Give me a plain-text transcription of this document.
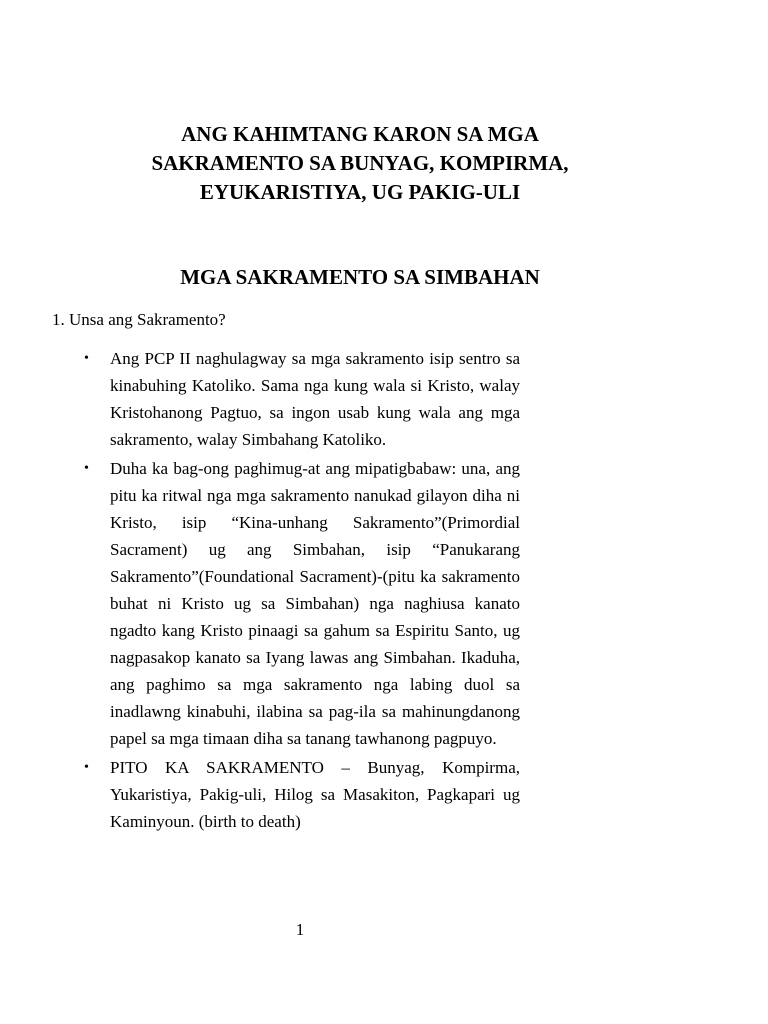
ANG KAHIMTANG KARON SA MGA
SAKRAMENTO SA BUNYAG, KOMPIRMA,
EYUKARISTIYA, UG PAKIG-ULI
MGA SAKRAMENTO SA SIMBAHAN

1. Unsa ang Sakramento?

• Ang PCP II naghulagway sa mga sakramento isip sentro sa kinabuhing Katoliko. Sama nga kung wala si Kristo, walay Kristohanong Pagtuo, sa ingon usab kung wala ang mga sakramento, walay Simbahang Katoliko.
• Duha ka bag-ong paghimug-at ang mipatigbabaw: una, ang pitu ka ritwal nga mga sakramento nanukad gilayon diha ni Kristo, isip “Kina-unhang Sakramento”(Primordial Sacrament) ug ang Simbahan, isip “Panukarang Sakramento”(Foundational Sacrament)-(pitu ka sakramento buhat ni Kristo ug sa Simbahan) nga naghiusa kanato ngadto kang Kristo pinaagi sa gahum sa Espiritu Santo, ug nagpasakop kanato sa Iyang lawas ang Simbahan. Ikaduha, ang paghimo sa mga sakramento nga labing duol sa inadlawng kinabuhi, ilabina sa pag-ila sa mahinungdanong papel sa mga timaan diha sa tanang tawhanong pagpuyo.
• PITO KA SAKRAMENTO – Bunyag, Kompirma, Yukaristiya, Pakig-uli, Hilog sa Masakiton, Pagkapari ug Kaminyoun. (birth to death)

1
